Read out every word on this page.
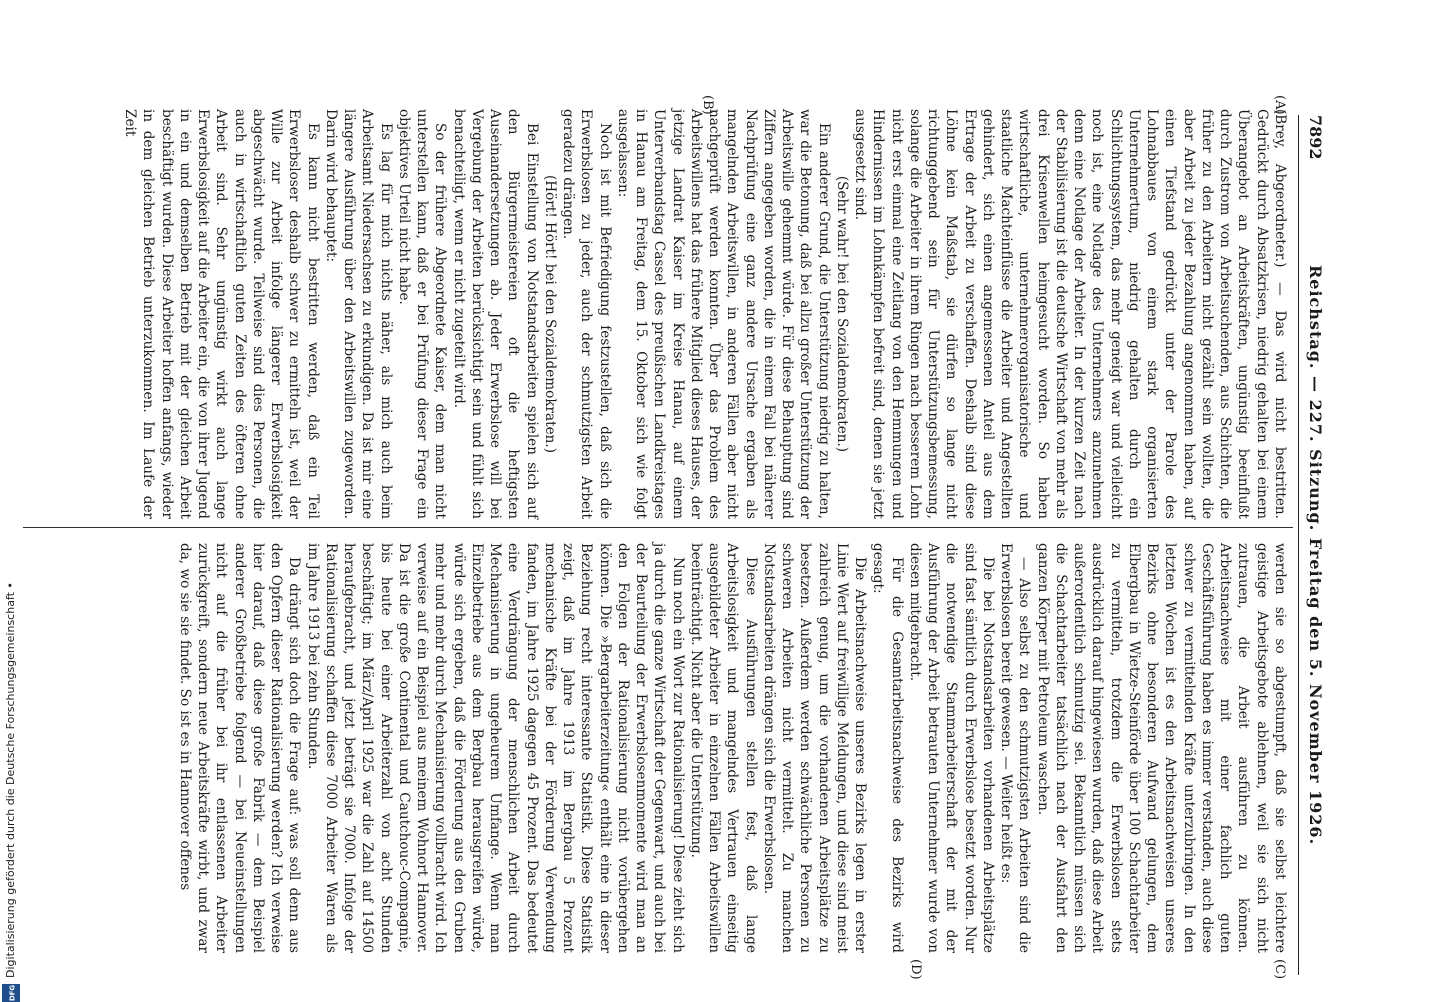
7892
Reichstag. — 227. Sitzung. Freitag den 5. November 1926.
(A)
(B)
(C)
(D)

(Brey, Abgeordneter.) — Das wird nicht bestritten. Gedrückt durch Absatzkrisen, niedrig gehalten bei einem Überangebot an Arbeitskräften, ungünstig beeinflußt durch Zustrom von Arbeitsuchenden, aus Schichten, die früher zu den Arbeitern nicht gezählt sein wollten, die aber Arbeit zu jeder Bezahlung angenommen haben, auf einen Tiefstand gedrückt unter der Parole des Lohnabbaues von einem stark organisierten Unternehmertum, niedrig gehalten durch ein Schlichtungssystem, das mehr geneigt war und vielleicht noch ist, eine Notlage des Unternehmers anzunehmen denn eine Notlage der Arbeiter. In der kurzen Zeit nach der Stabilisierung ist die deutsche Wirtschaft von mehr als drei Krisenwellen heimgesucht worden. So haben wirtschaftliche, unternehmerorganisatorische und staatliche Machteinflüsse die Arbeiter und Angestellten gehindert, sich einen angemessenen Anteil aus dem Ertrage der Arbeit zu verschaffen. Deshalb sind diese Löhne kein Maßstab, sie dürfen so lange nicht richtunggebend sein für Unterstützungsbemessung, solange die Arbeiter in ihrem Ringen nach besserem Lohn nicht erst einmal eine Zeitlang von den Hemmungen und Hindernissen im Lohnkämpfen befreit sind, denen sie jetzt ausgesetzt sind.

(Sehr wahr! bei den Sozialdemokraten.)

Ein anderer Grund, die Unterstützung niedrig zu halten, war die Betonung, daß bei allzu großer Unterstützung der Arbeitswille gehemmt würde. Für diese Behauptung sind Ziffern angegeben worden, die in einem Fall bei näherer Nachprüfung eine ganz andere Ursache ergaben als mangelnden Arbeitswillen, in anderen Fällen aber nicht nachgeprüft werden konnten. Über das Problem des Arbeitswillens hat das frühere Mitglied dieses Hauses, der jetzige Landrat Kaiser im Kreise Hanau, auf einem Unterverbandstag Cassel des preußischen Landkreistages in Hanau am Freitag, dem 15. Oktober sich wie folgt ausgelassen:

Noch ist mit Befriedigung festzustellen, daß sich die Erwerbslosen zu jeder, auch der schmutzigsten Arbeit geradezu drängen.

(Hört! Hört! bei den Sozialdemokraten.)

Bei Einstellung von Notstandsarbeiten spielen sich auf den Bürgermeistereien oft die heftigsten Auseinandersetzungen ab. Jeder Erwerbslose will bei Vergebung der Arbeiten berücksichtigt sein und fühlt sich benachteiligt, wenn er nicht zugeteilt wird.

So der frühere Abgeordnete Kaiser, dem man nicht unterstellen kann, daß er bei Prüfung dieser Frage ein objektives Urteil nicht habe.

Es lag für mich nichts näher, als mich auch beim Arbeitsamt Niedersachsen zu erkundigen. Da ist mir eine längere Ausführung über den Arbeitswillen zugeworden. Darin wird behauptet:

Es kann nicht bestritten werden, daß ein Teil Erwerbsloser deshalb schwer zu ermitteln ist, weil der Wille zur Arbeit infolge längerer Erwerbslosigkeit abgeschwächt wurde. Teilweise sind dies Personen, die auch in wirtschaftlich guten Zeiten des öfteren ohne Arbeit sind. Sehr ungünstig wirkt auch lange Erwerbslosigkeit auf die Arbeiter ein, die von ihrer Jugend in ein und demselben Betrieb mit der gleichen Arbeit beschäftigt wurden. Diese Arbeiter hoffen anfangs, wieder in dem gleichen Betrieb unterzukommen. Im Laufe der Zeit

werden sie so abgestumpft, daß sie selbst leichtere geistige Arbeitsgebote ablehnen, weil sie sich nicht zutrauen, die Arbeit ausführen zu können. Arbeitsnachweise mit einer fachlich guten Geschäftsführung haben es immer verstanden, auch diese schwer zu vermittelnden Kräfte unterzubringen. In den letzten Wochen ist es den Arbeitsnachweisen unseres Bezirks ohne besonderen Aufwand gelungen, dem Elbergbau in Wietze-Steinförde über 100 Schachtarbeiter zu vermitteln, trotzdem die Erwerbslosen stets ausdrücklich darauf hingewiesen wurden, daß diese Arbeit außerordentlich schmutzig sei. Bekanntlich müssen sich die Schachtarbeiter tatsächlich nach der Ausfahrt den ganzen Körper mit Petroleum waschen.

— Also selbst zu den schmutzigsten Arbeiten sind die Erwerbslosen bereit gewesen. — Weiter heißt es:

Die bei Notstandsarbeiten vorhandenen Arbeitsplätze sind fast sämtlich durch Erwerbslose besetzt worden. Nur die notwendige Stammarbeiterschaft der mit der Ausführung der Arbeit betrauten Unternehmer wurde von diesen mitgebracht.

Für die Gesamtarbeitsnachweise des Bezirks wird gesagt:

Die Arbeitsnachweise unseres Bezirks legen in erster Linie Wert auf freiwillige Meldungen, und diese sind meist zahlreich genug, um die vorhandenen Arbeitsplätze zu besetzen. Außerdem werden schwächliche Personen zu schweren Arbeiten nicht vermittelt. Zu manchen Notstandsarbeiten drängen sich die Erwerbslosen.

Diese Ausführungen stellen fest, daß lange Arbeitslosigkeit und mangelndes Vertrauen einseitig ausgebildeter Arbeiter in einzelnen Fällen Arbeitswillen beeinträchtigt. Nicht aber die Unterstützung.

Nun noch ein Wort zur Rationalisierung! Diese zieht sich ja durch die ganze Wirtschaft der Gegenwart, und auch bei der Beurteilung der Erwerbslosenmomente wird man an den Folgen der Rationalisierung nicht vorübergehen können. Die »Bergarbeiterzeitung« enthält eine in dieser Beziehung recht interessante Statistik. Diese Statistik zeigt, daß im Jahre 1913 im Bergbau 5 Prozent mechanische Kräfte bei der Förderung Verwendung fanden, im Jahre 1925 dagegen 45 Prozent. Das bedeutet eine Verdrängung der menschlichen Arbeit durch Mechanisierung in ungeheurem Umfange. Wenn man Einzelbetriebe aus dem Bergbau herausgreifen würde, würde sich ergeben, daß die Förderung aus den Gruben mehr und mehr durch Mechanisierung vollbracht wird. Ich verweise auf ein Beispiel aus meinem Wohnort Hannover. Da ist die große Continental und Cautchouc-Compagnie, bis heute bei einer Arbeiterzahl von acht Stunden beschäftigt; im März/April 1925 war die Zahl auf 14500 heraufgebracht, und jetzt beträgt sie 7000. Infolge der Rationalisierung schaffen diese 7000 Arbeiter Waren als im Jahre 1913 bei zehn Stunden.

Da drängt sich doch die Frage auf: was soll denn aus den Opfern dieser Rationalisierung werden? Ich verweise hier darauf, daß diese große Fabrik — dem Beispiel anderer Großbetriebe folgend — bei Neueinstellungen nicht auf die früher bei ihr entlassenen Arbeiter zurückgreift, sondern neue Arbeitskräfte wirbt, und zwar da, wo sie sie findet. So ist es in Hannover offenes

DFG
Digitalisierung gefördert durch die Deutsche Forschungsgemeinschaft •
